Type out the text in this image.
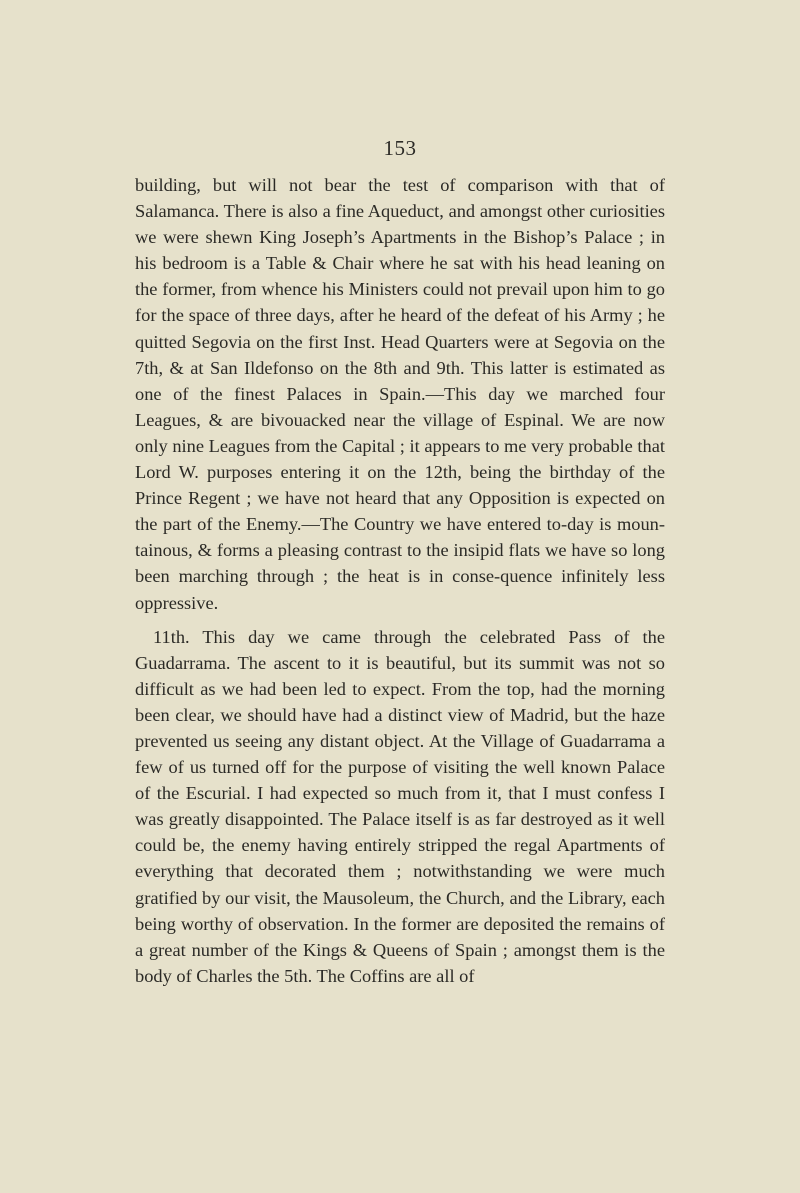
153

building, but will not bear the test of comparison with that of Salamanca. There is also a fine Aqueduct, and amongst other curiosities we were shewn King Joseph’s Apartments in the Bishop’s Palace ; in his bedroom is a Table & Chair where he sat with his head leaning on the former, from whence his Ministers could not prevail upon him to go for the space of three days, after he heard of the defeat of his Army ; he quitted Segovia on the first Inst. Head Quarters were at Segovia on the 7th, & at San Ildefonso on the 8th and 9th. This latter is estimated as one of the finest Palaces in Spain.—This day we marched four Leagues, & are bivouacked near the village of Espinal. We are now only nine Leagues from the Capital ; it appears to me very probable that Lord W. purposes entering it on the 12th, being the birthday of the Prince Regent ; we have not heard that any Opposition is expected on the part of the Enemy.—The Country we have entered to-day is moun-tainous, & forms a pleasing contrast to the insipid flats we have so long been marching through ; the heat is in conse-quence infinitely less oppressive.

11th. This day we came through the celebrated Pass of the Guadarrama. The ascent to it is beautiful, but its summit was not so difficult as we had been led to expect. From the top, had the morning been clear, we should have had a distinct view of Madrid, but the haze prevented us seeing any distant object. At the Village of Guadarrama a few of us turned off for the purpose of visiting the well known Palace of the Escurial. I had expected so much from it, that I must confess I was greatly disappointed. The Palace itself is as far destroyed as it well could be, the enemy having entirely stripped the regal Apartments of everything that decorated them ; notwithstanding we were much gratified by our visit, the Mausoleum, the Church, and the Library, each being worthy of observation. In the former are deposited the remains of a great number of the Kings & Queens of Spain ; amongst them is the body of Charles the 5th. The Coffins are all of
